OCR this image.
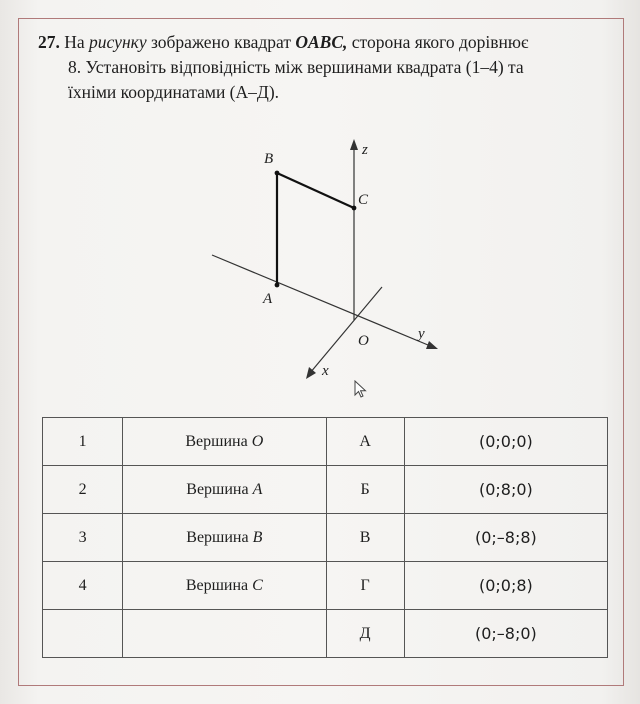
27. На рисунку зображено квадрат OABC, сторона якого дорівнює
8. Установіть відповідність між вершинами квадрата (1–4) та
їхніми координатами (А–Д).
z
y
x
O
A
B
C
1	Вершина O	А	(0;0;0)
2	Вершина A	Б	(0;8;0)
3	Вершина B	В	(0;–8;8)
4	Вершина C	Г	(0;0;8)
		Д	(0;–8;0)
